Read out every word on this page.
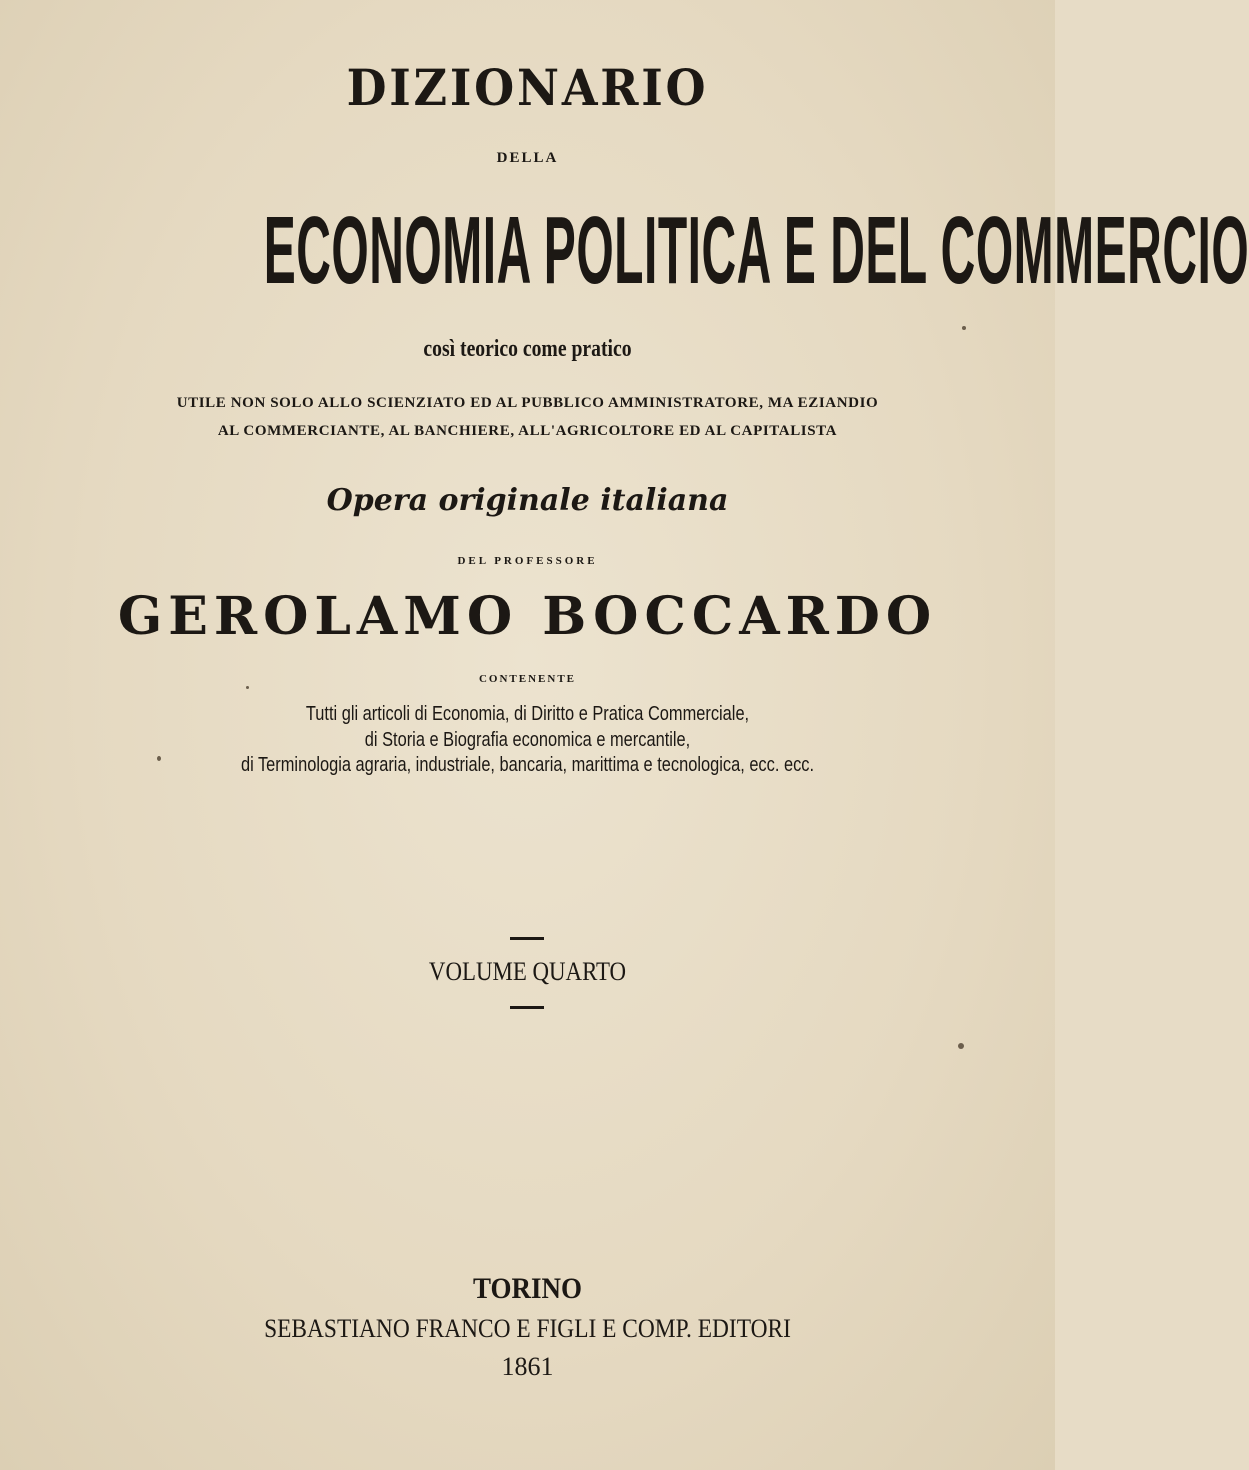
DIZIONARIO
DELLA
ECONOMIA POLITICA E DEL COMMERCIO
così teorico come pratico
UTILE NON SOLO ALLO SCIENZIATO ED AL PUBBLICO AMMINISTRATORE, MA EZIANDIO
AL COMMERCIANTE, AL BANCHIERE, ALL'AGRICOLTORE ED AL CAPITALISTA
Opera originale italiana
DEL PROFESSORE
GEROLAMO BOCCARDO
CONTENENTE
Tutti gli articoli di Economia, di Diritto e Pratica Commerciale,
di Storia e Biografia economica e mercantile,
di Terminologia agraria, industriale, bancaria, marittima e tecnologica, ecc. ecc.
VOLUME QUARTO
TORINO
SEBASTIANO FRANCO E FIGLI E COMP. EDITORI
1861
